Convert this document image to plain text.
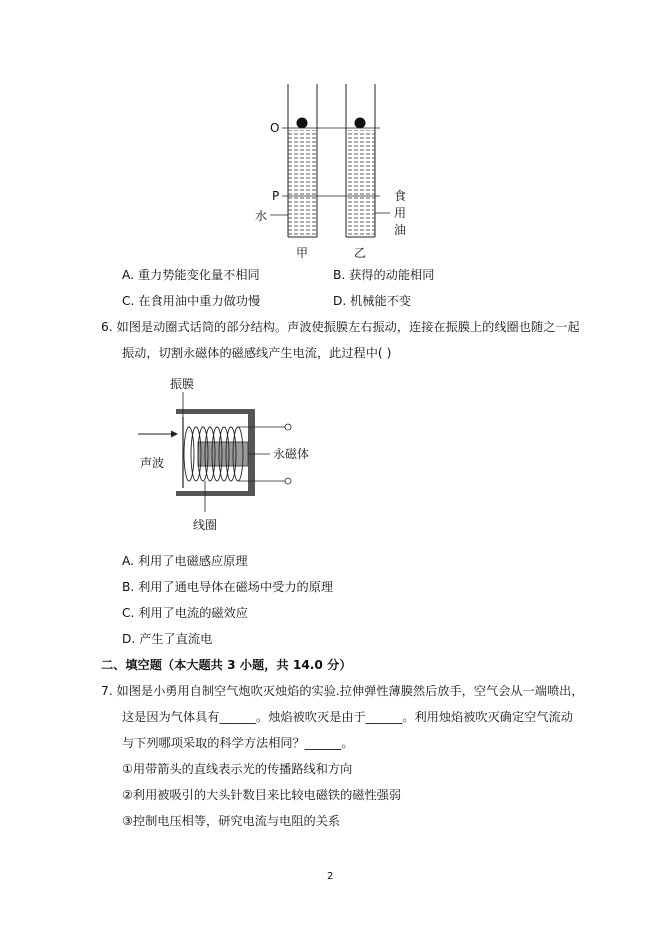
O
P
水
食
用
油
甲	乙
A. 重力势能变化量不相同	B. 获得的动能相同
C. 在食用油中重力做功慢	D. 机械能不变
6. 如图是动圈式话筒的部分结构。声波使振膜左右振动，连接在振膜上的线圈也随之一起
振动，切割永磁体的磁感线产生电流，此过程中( )
振膜
声波
永磁体
线圈
A. 利用了电磁感应原理
B. 利用了通电导体在磁场中受力的原理
C. 利用了电流的磁效应
D. 产生了直流电
二、填空题（本大题共 3 小题，共 14.0 分）
7. 如图是小勇用自制空气炮吹灭烛焰的实验.拉伸弹性薄膜然后放手，空气会从一端喷出，
这是因为气体具有______。烛焰被吹灭是由于______。利用烛焰被吹灭确定空气流动
与下列哪项采取的科学方法相同？______。
①用带箭头的直线表示光的传播路线和方向
②利用被吸引的大头针数目来比较电磁铁的磁性强弱
③控制电压相等，研究电流与电阻的关系
2
